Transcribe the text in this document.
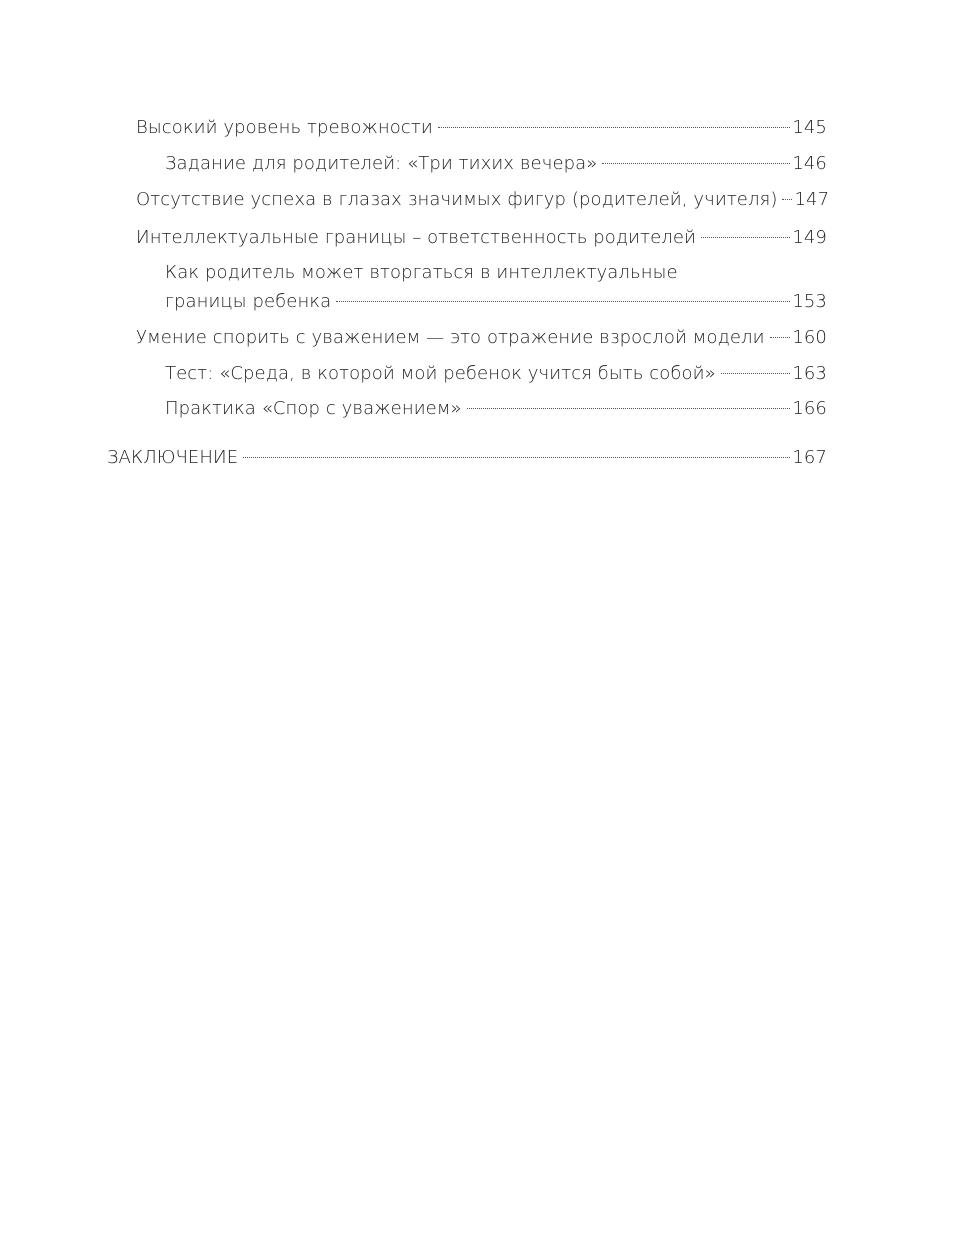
Высокий уровень тревожности	145
Задание для родителей: «Три тихих вечера»	146
Отсутствие успеха в глазах значимых фигур (родителей, учителя) 147
Интеллектуальные границы – ответственность родителей	149
Как родитель может вторгаться в интеллектуальные
границы ребенка	153
Умение спорить с уважением — это отражение взрослой модели 160
Тест: «Среда, в которой мой ребенок учится быть собой»	163
Практика «Спор с уважением»	166
ЗАКЛЮЧЕНИЕ	167
